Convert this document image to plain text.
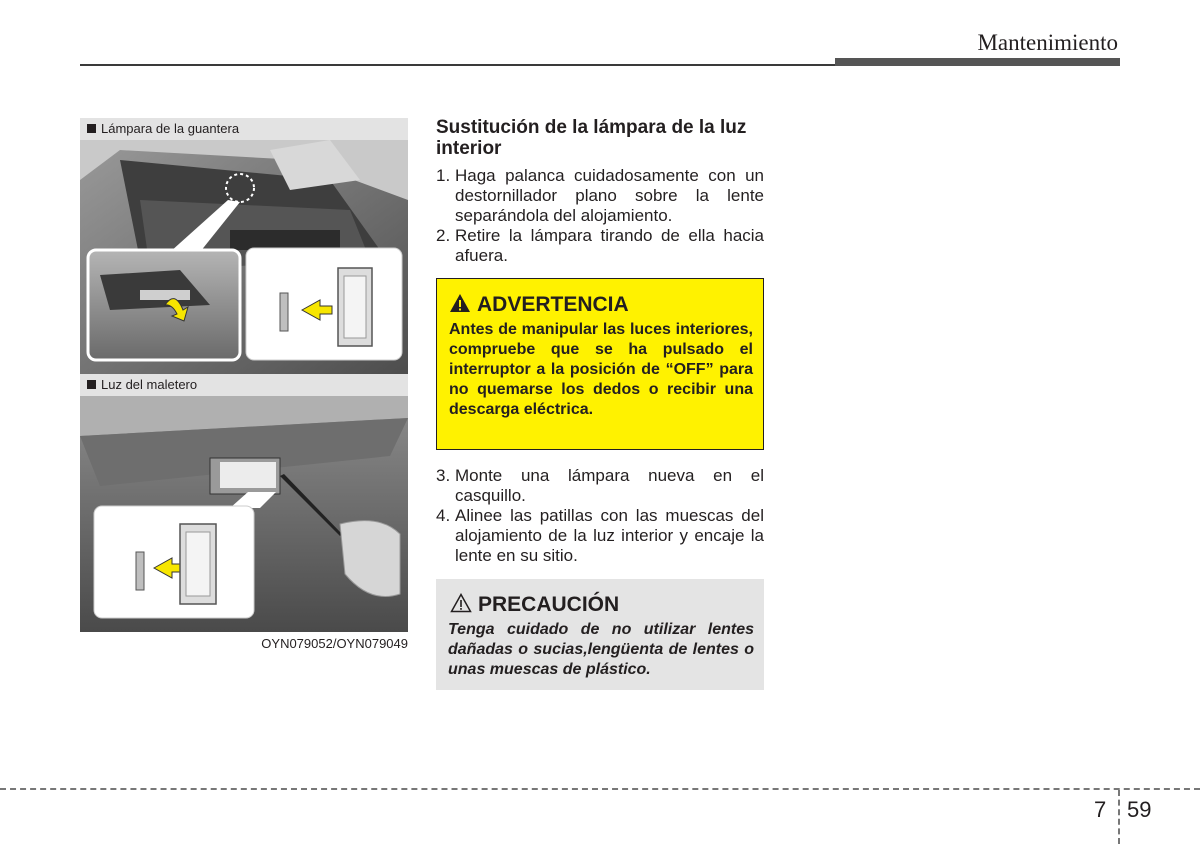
Mantenimiento
Lámpara de la guantera
Luz del maletero
OYN079052/OYN079049
Sustitución de la lámpara de la luz interior
1. Haga palanca cuidadosamente con un destornillador plano sobre la lente separándola del alojamiento.
2. Retire la lámpara tirando de ella hacia afuera.
ADVERTENCIA
Antes de manipular las luces interiores, compruebe que se ha pulsado el interruptor a la posición de “OFF” para no quemarse los dedos o recibir una descarga eléctrica.
3. Monte una lámpara nueva en el casquillo.
4. Alinee las patillas con las muescas del alojamiento de la luz interior y encaje la lente en su sitio.
PRECAUCIÓN
Tenga cuidado de no utilizar lentes dañadas o sucias,lengüenta de lentes o unas muescas de plástico.
7 59
